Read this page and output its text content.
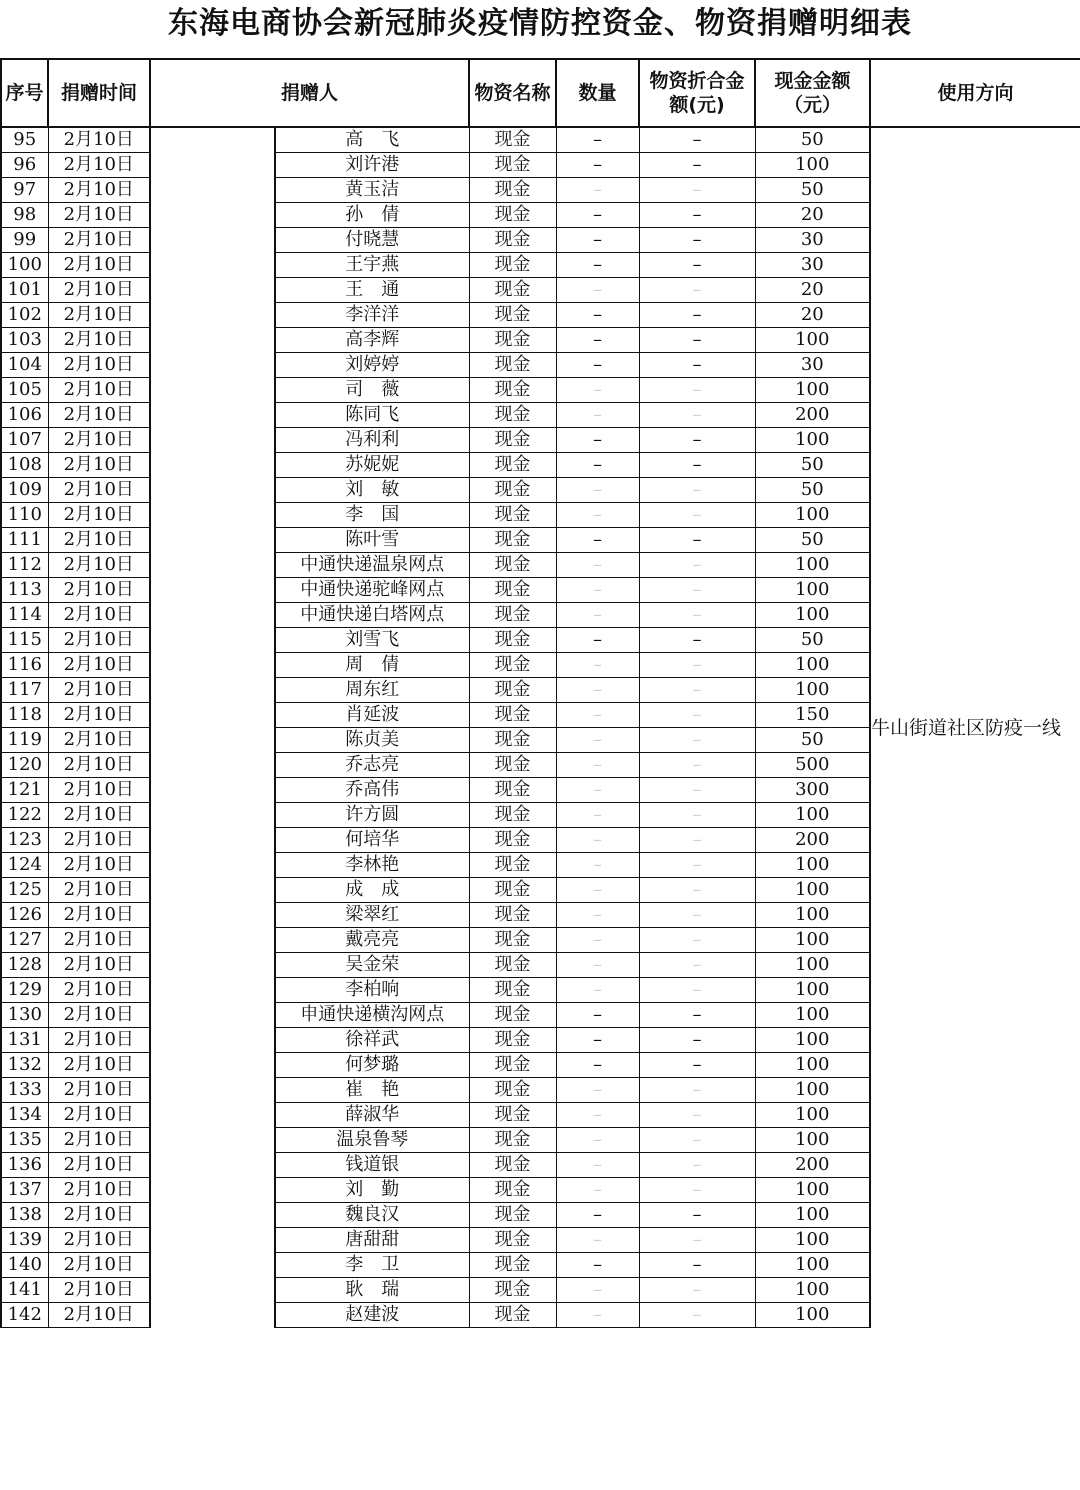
东海电商协会新冠肺炎疫情防控资金、物资捐赠明细表
序号	捐赠时间	捐赠人		物资名称	数量	物资折合金额(元)	现金金额（元）	使用方向
95	2月10日		高　飞	现金	–	–	50	牛山街道社区防疫一线
96	2月10日		刘许港	现金	–	–	100	
97	2月10日		黄玉洁	现金	–	–	50	
98	2月10日		孙　倩	现金	–	–	20	
99	2月10日		付晓慧	现金	–	–	30	
100	2月10日		王宇燕	现金	–	–	30	
101	2月10日		王　通	现金	–	–	20	
102	2月10日		李洋洋	现金	–	–	20	
103	2月10日		高李辉	现金	–	–	100	
104	2月10日		刘婷婷	现金	–	–	30	
105	2月10日		司　薇	现金	–	–	100	
106	2月10日		陈同飞	现金	–	–	200	
107	2月10日		冯利利	现金	–	–	100	
108	2月10日		苏妮妮	现金	–	–	50	
109	2月10日		刘　敏	现金	–	–	50	
110	2月10日		李　国	现金	–	–	100	
111	2月10日		陈叶雪	现金	–	–	50	
112	2月10日		中通快递温泉网点	现金	–	–	100	
113	2月10日		中通快递驼峰网点	现金	–	–	100	
114	2月10日		中通快递白塔网点	现金	–	–	100	
115	2月10日		刘雪飞	现金	–	–	50	
116	2月10日		周　倩	现金	–	–	100	
117	2月10日		周东红	现金	–	–	100	
118	2月10日		肖延波	现金	–	–	150	
119	2月10日		陈贞美	现金	–	–	50	
120	2月10日		乔志亮	现金	–	–	500	
121	2月10日		乔高伟	现金	–	–	300	
122	2月10日		许方圆	现金	–	–	100	
123	2月10日		何培华	现金	–	–	200	
124	2月10日		李林艳	现金	–	–	100	
125	2月10日		成　成	现金	–	–	100	
126	2月10日		梁翠红	现金	–	–	100	
127	2月10日		戴亮亮	现金	–	–	100	
128	2月10日		吴金荣	现金	–	–	100	
129	2月10日		李柏响	现金	–	–	100	
130	2月10日		申通快递横沟网点	现金	–	–	100	
131	2月10日		徐祥武	现金	–	–	100	
132	2月10日		何梦璐	现金	–	–	100	
133	2月10日		崔　艳	现金	–	–	100	
134	2月10日		薛淑华	现金	–	–	100	
135	2月10日		温泉鲁琴	现金	–	–	100	
136	2月10日		钱道银	现金	–	–	200	
137	2月10日		刘　勤	现金	–	–	100	
138	2月10日		魏良汉	现金	–	–	100	
139	2月10日		唐甜甜	现金	–	–	100	
140	2月10日		李　卫	现金	–	–	100	
141	2月10日		耿　瑞	现金	–	–	100	
142	2月10日		赵建波	现金	–	–	100	
